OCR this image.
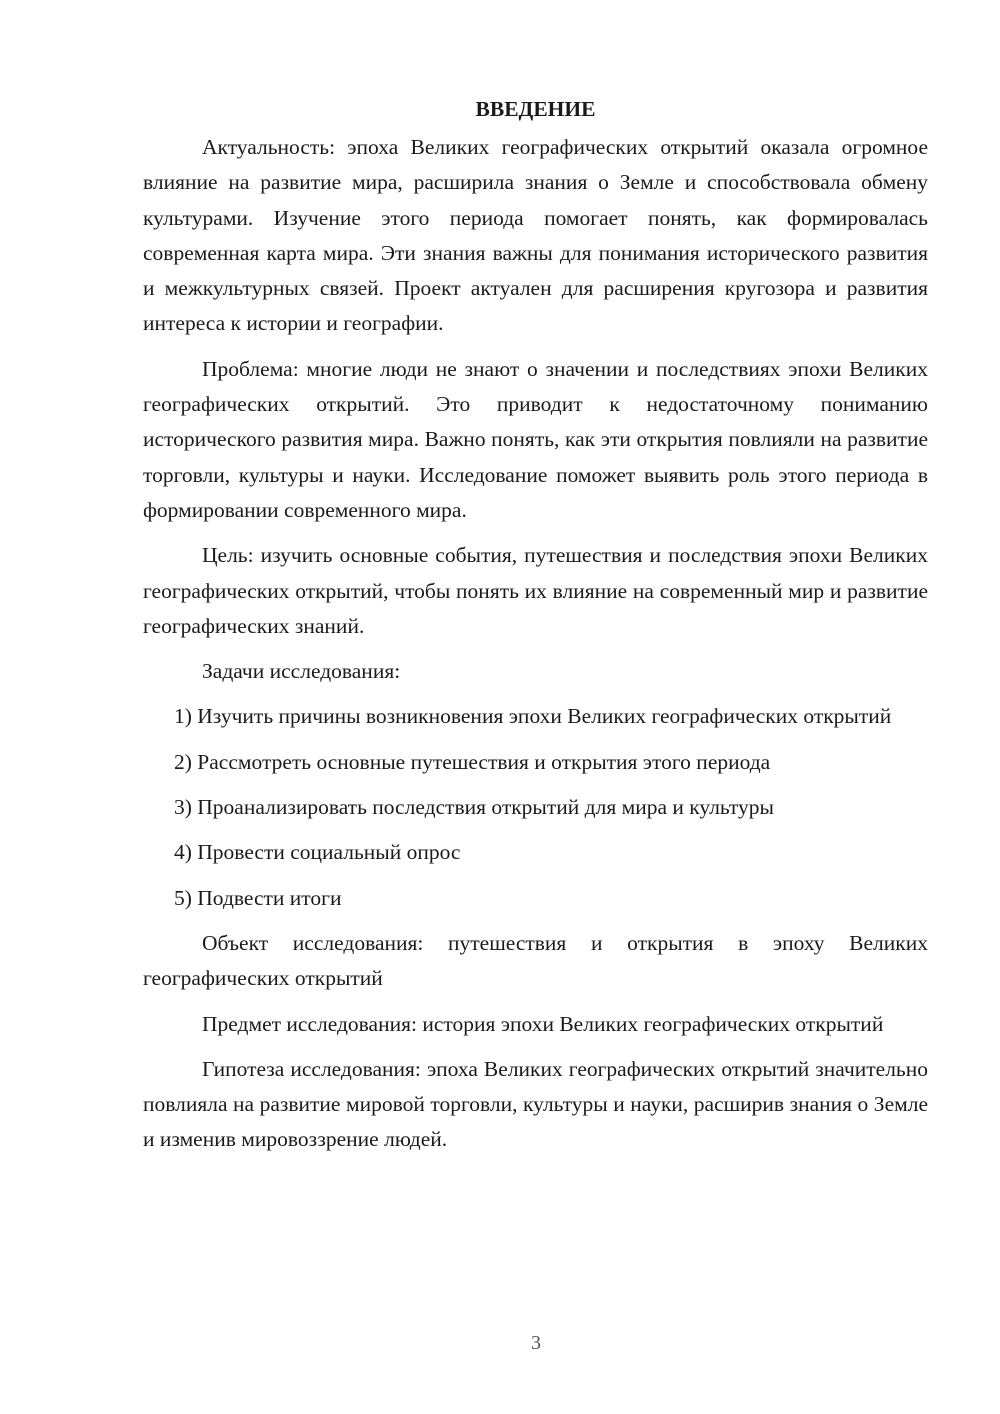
ВВЕДЕНИЕ

Актуальность: эпоха Великих географических открытий оказала огромное влияние на развитие мира, расширила знания о Земле и способствовала обмену культурами. Изучение этого периода помогает понять, как формировалась современная карта мира. Эти знания важны для понимания исторического развития и межкультурных связей. Проект актуален для расширения кругозора и развития интереса к истории и географии.

Проблема: многие люди не знают о значении и последствиях эпохи Великих географических открытий. Это приводит к недостаточному пониманию исторического развития мира. Важно понять, как эти открытия повлияли на развитие торговли, культуры и науки. Исследование поможет выявить роль этого периода в формировании современного мира.

Цель: изучить основные события, путешествия и последствия эпохи Великих географических открытий, чтобы понять их влияние на современный мир и развитие географических знаний.

Задачи исследования:

1) Изучить причины возникновения эпохи Великих географических открытий

2) Рассмотреть основные путешествия и открытия этого периода

3) Проанализировать последствия открытий для мира и культуры

4) Провести социальный опрос

5) Подвести итоги

Объект исследования: путешествия и открытия в эпоху Великих географических открытий

Предмет исследования: история эпохи Великих географических открытий

Гипотеза исследования: эпоха Великих географических открытий значительно повлияла на развитие мировой торговли, культуры и науки, расширив знания о Земле и изменив мировоззрение людей.

3
